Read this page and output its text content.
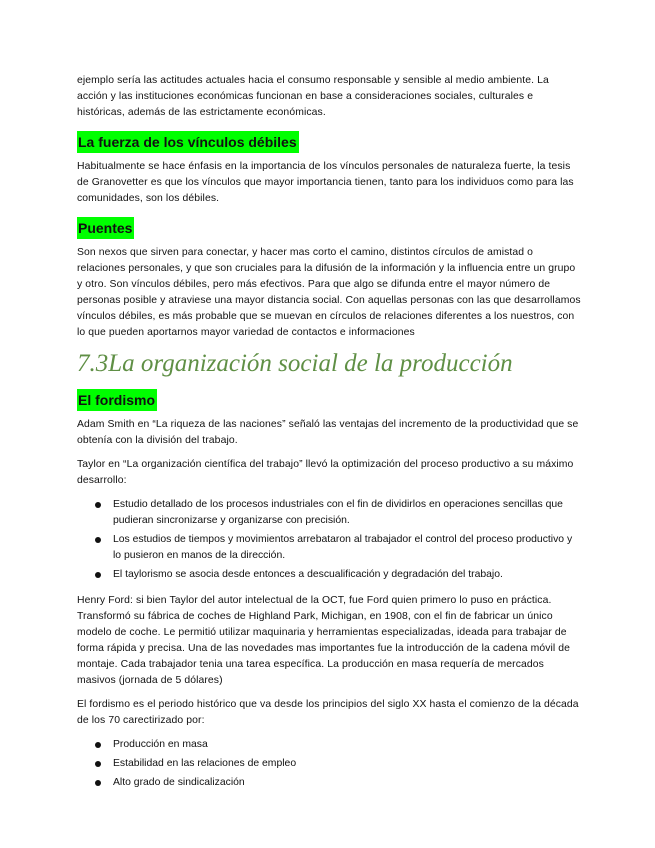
ejemplo sería las actitudes actuales hacia el consumo responsable y sensible al medio ambiente. La acción y las instituciones económicas funcionan en base a consideraciones sociales, culturales e históricas, además de las estrictamente económicas.

La fuerza de los vínculos débiles

Habitualmente se hace énfasis en la importancia de los vínculos personales de naturaleza fuerte, la tesis de Granovetter es que los vínculos que mayor importancia tienen, tanto para los individuos como para las comunidades, son los débiles.

Puentes

Son nexos que sirven para conectar, y hacer mas corto el camino, distintos círculos de amistad o relaciones personales, y que son cruciales para la difusión de la información y la influencia entre un grupo y otro. Son vínculos débiles, pero más efectivos. Para que algo se difunda entre el mayor número de personas posible y atraviese una mayor distancia social. Con aquellas personas con las que desarrollamos vínculos débiles, es más probable que se muevan en círculos de relaciones diferentes a los nuestros, con lo que pueden aportarnos mayor variedad de contactos e informaciones

7.3La organización social de la producción
El fordismo

Adam Smith en “La riqueza de las naciones” señaló las ventajas del incremento de la productividad que se obtenía con la división del trabajo.

Taylor en “La organización científica del trabajo” llevó la optimización del proceso productivo a su máximo desarrollo:

Estudio detallado de los procesos industriales con el fin de dividirlos en operaciones sencillas que pudieran sincronizarse y organizarse con precisión.
Los estudios de tiempos y movimientos arrebataron al trabajador el control del proceso productivo y lo pusieron en manos de la dirección.
El taylorismo se asocia desde entonces a descualificación y degradación del trabajo.

Henry Ford: si bien Taylor del autor intelectual de la OCT, fue Ford quien primero lo puso en práctica. Transformó su fábrica de coches de Highland Park, Michigan, en 1908, con el fin de fabricar un único modelo de coche. Le permitió utilizar maquinaria y herramientas especializadas, ideada para trabajar de forma rápida y precisa. Una de las novedades mas importantes fue la introducción de la cadena móvil de montaje. Cada trabajador tenia una tarea específica. La producción en masa requería de mercados masivos (jornada de 5 dólares)

El fordismo es el periodo histórico que va desde los principios del siglo XX hasta el comienzo de la década de los 70 carectirizado por:

Producción en masa
Estabilidad en las relaciones de empleo
Alto grado de sindicalización
